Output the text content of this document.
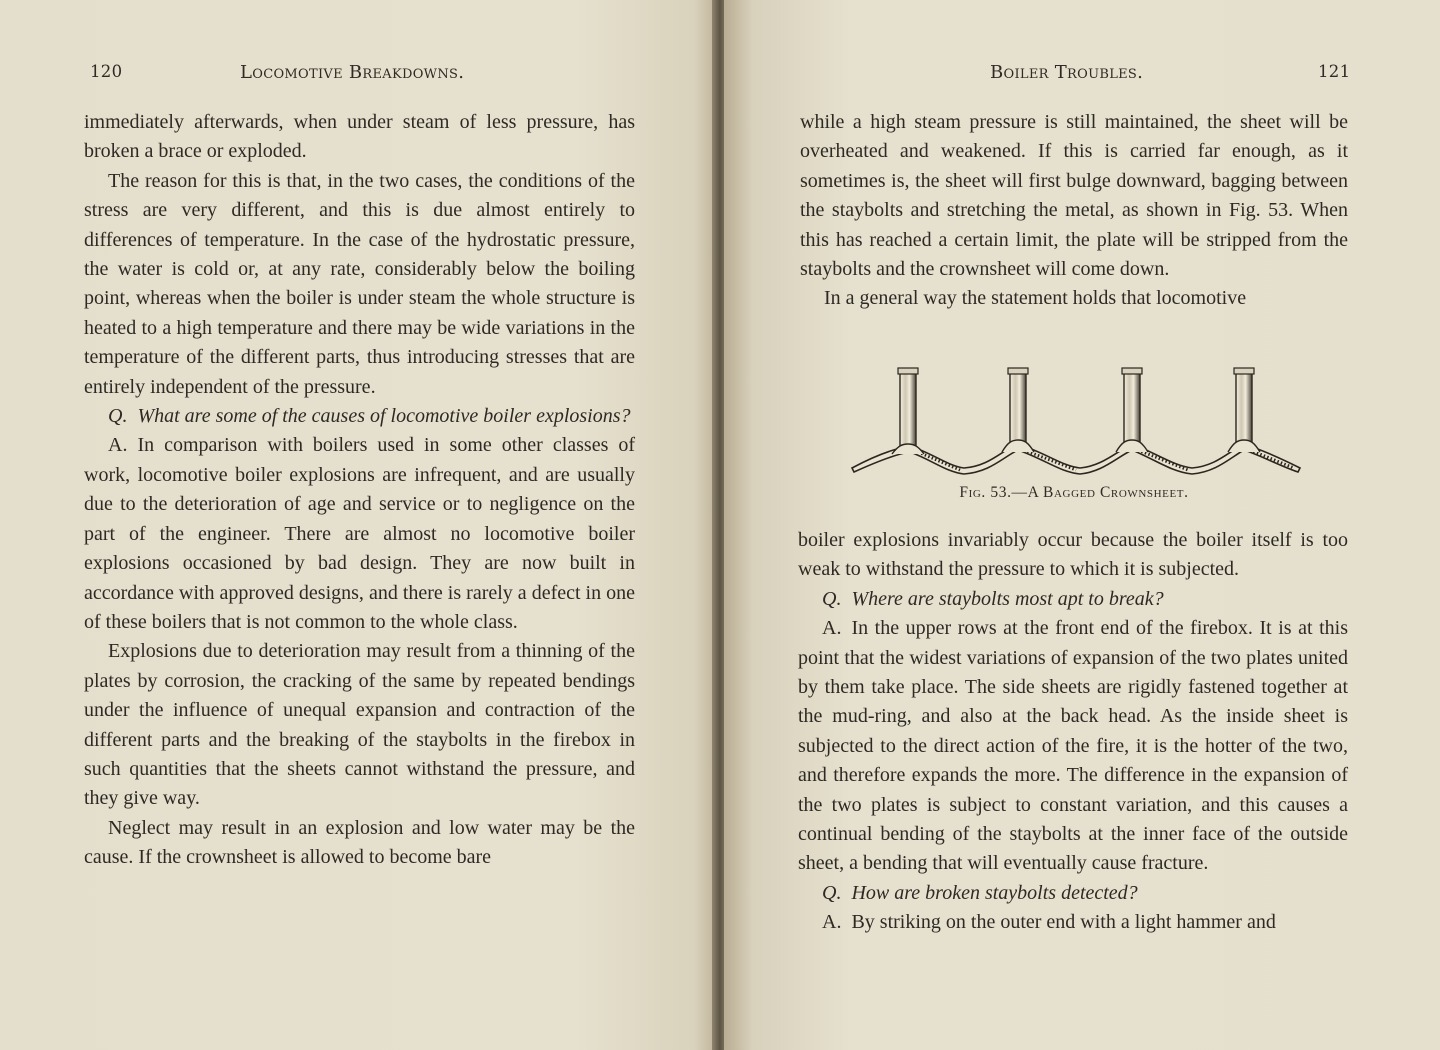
120	Locomotive Breakdowns.

immediately afterwards, when under steam of less pressure, has broken a brace or exploded.

The reason for this is that, in the two cases, the conditions of the stress are very different, and this is due almost entirely to differences of temperature. In the case of the hydrostatic pressure, the water is cold or, at any rate, considerably below the boiling point, whereas when the boiler is under steam the whole structure is heated to a high temperature and there may be wide variations in the temperature of the different parts, thus introducing stresses that are entirely independent of the pressure.

Q.  What are some of the causes of locomotive boiler explosions?

A.  In comparison with boilers used in some other classes of work, locomotive boiler explosions are infrequent, and are usually due to the deterioration of age and service or to negligence on the part of the engineer. There are almost no locomotive boiler explosions occasioned by bad design. They are now built in accordance with approved designs, and there is rarely a defect in one of these boilers that is not common to the whole class.

Explosions due to deterioration may result from a thinning of the plates by corrosion, the cracking of the same by repeated bendings under the influence of unequal expansion and contraction of the different parts and the breaking of the staybolts in the firebox in such quantities that the sheets cannot withstand the pressure, and they give way.

Neglect may result in an explosion and low water may be the cause. If the crownsheet is allowed to become bare

Boiler Troubles.	121

while a high steam pressure is still maintained, the sheet will be overheated and weakened. If this is carried far enough, as it sometimes is, the sheet will first bulge downward, bagging between the staybolts and stretching the metal, as shown in Fig. 53. When this has reached a certain limit, the plate will be stripped from the staybolts and the crownsheet will come down.

In a general way the statement holds that locomotive

Fig. 53.—A Bagged Crownsheet.

boiler explosions invariably occur because the boiler itself is too weak to withstand the pressure to which it is subjected.

Q.  Where are staybolts most apt to break?

A.  In the upper rows at the front end of the firebox. It is at this point that the widest variations of expansion of the two plates united by them take place. The side sheets are rigidly fastened together at the mud-ring, and also at the back head. As the inside sheet is subjected to the direct action of the fire, it is the hotter of the two, and therefore expands the more. The difference in the expansion of the two plates is subject to constant variation, and this causes a continual bending of the staybolts at the inner face of the outside sheet, a bending that will eventually cause fracture.

Q.  How are broken staybolts detected?

A.  By striking on the outer end with a light hammer and
